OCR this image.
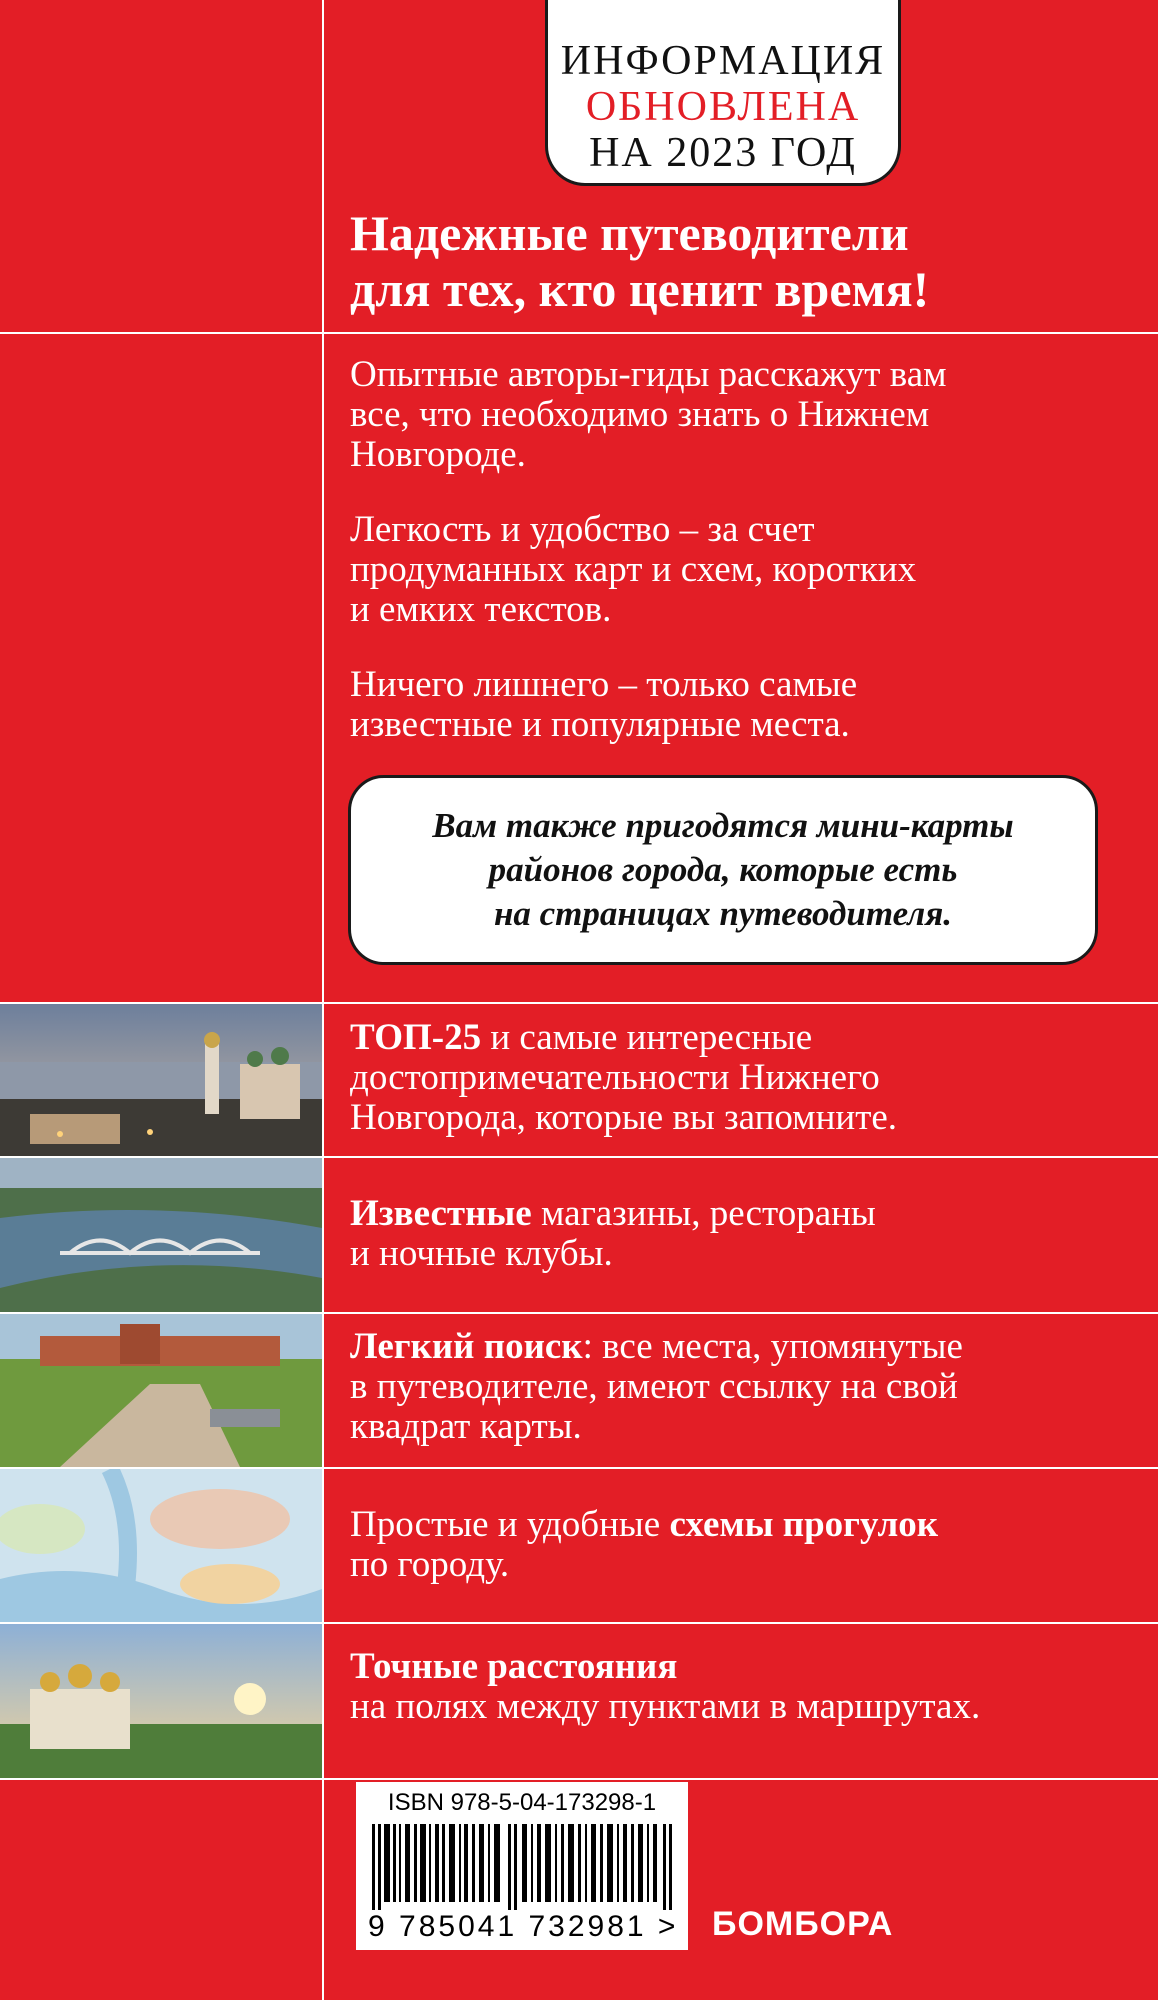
ИНФОРМАЦИЯ
ОБНОВЛЕНА
НА 2023 ГОД
Надежные путеводители
для тех, кто ценит время!
Опытные авторы-гиды расскажут вам
все, что необходимо знать о Нижнем
Новгороде.
Легкость и удобство – за счет
продуманных карт и схем, коротких
и емких текстов.
Ничего лишнего – только самые
известные и популярные места.
Вам также пригодятся мини-карты
районов города, которые есть
на страницах путеводителя.
ТОП-25 и самые интересные
достопримечательности Нижнего
Новгорода, которые вы запомните.
Известные магазины, рестораны
и ночные клубы.
Легкий поиск: все места, упомянутые
в путеводителе, имеют ссылку на свой
квадрат карты.
Простые и удобные схемы прогулок
по городу.
Точные расстояния
на полях между пунктами в маршрутах.
ISBN 978-5-04-173298-1
9 785041 732981 > БОМБОРА
